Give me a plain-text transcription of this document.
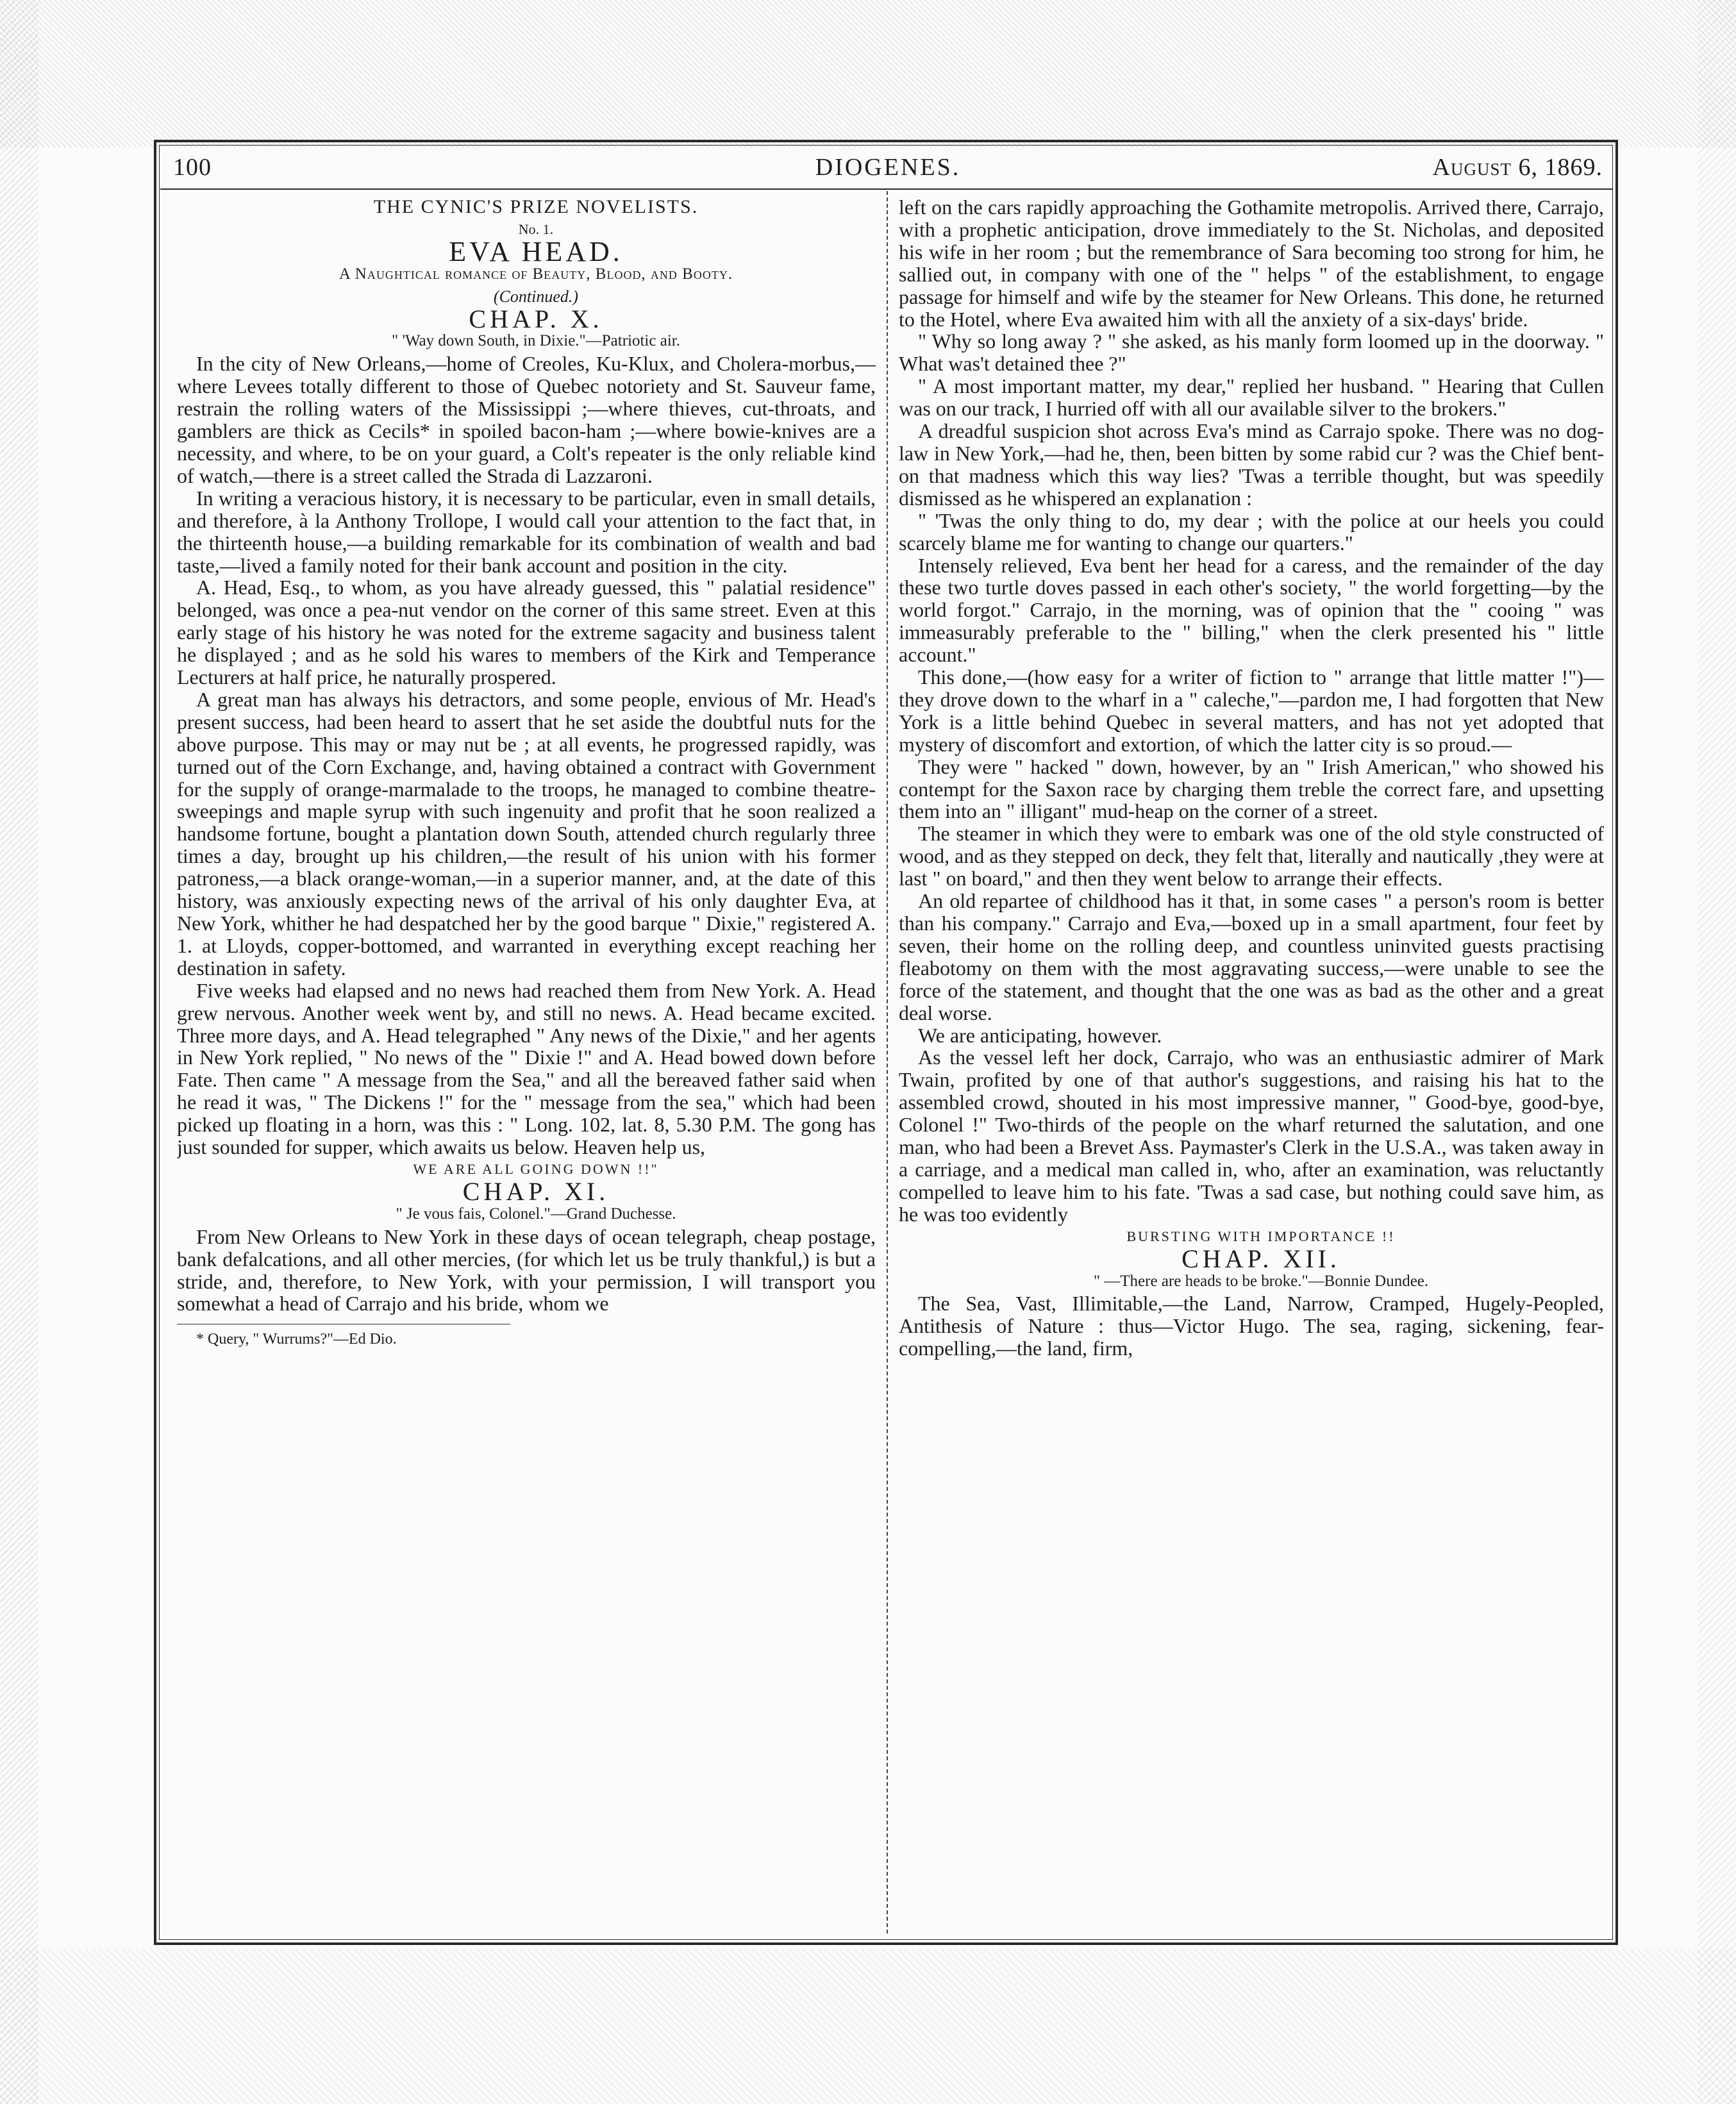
100	DIOGENES.	August 6, 1869.

THE CYNIC'S PRIZE NOVELISTS.

No. 1.

EVA HEAD.

A Naughtical romance of Beauty, Blood, and Booty.

(Continued.)

CHAP. X.

" 'Way down South, in Dixie."—Patriotic air.

In the city of New Orleans,—home of Creoles, Ku-Klux, and Cholera-morbus,—where Levees totally different to those of Quebec notoriety and St. Sauveur fame, restrain the rolling waters of the Mississippi ;—where thieves, cut-throats, and gamblers are thick as Cecils* in spoiled bacon-ham ;—where bowie-knives are a necessity, and where, to be on your guard, a Colt's repeater is the only reliable kind of watch,—there is a street called the Strada di Lazzaroni.

In writing a veracious history, it is necessary to be particular, even in small details, and therefore, à la Anthony Trollope, I would call your attention to the fact that, in the thirteenth house,—a building remarkable for its combination of wealth and bad taste,—lived a family noted for their bank account and position in the city.

A. Head, Esq., to whom, as you have already guessed, this " palatial residence" belonged, was once a pea-nut vendor on the corner of this same street. Even at this early stage of his history he was noted for the extreme sagacity and business talent he displayed ; and as he sold his wares to members of the Kirk and Temperance Lecturers at half price, he naturally prospered.

A great man has always his detractors, and some people, envious of Mr. Head's present success, had been heard to assert that he set aside the doubtful nuts for the above purpose. This may or may nut be ; at all events, he progressed rapidly, was turned out of the Corn Exchange, and, having obtained a contract with Government for the supply of orange-marmalade to the troops, he managed to combine theatre-sweepings and maple syrup with such ingenuity and profit that he soon realized a handsome fortune, bought a plantation down South, attended church regularly three times a day, brought up his children,—the result of his union with his former patroness,—a black orange-woman,—in a superior manner, and, at the date of this history, was anxiously expecting news of the arrival of his only daughter Eva, at New York, whither he had despatched her by the good barque " Dixie," registered A. 1. at Lloyds, copper-bottomed, and warranted in everything except reaching her destination in safety.

Five weeks had elapsed and no news had reached them from New York. A. Head grew nervous. Another week went by, and still no news. A. Head became excited. Three more days, and A. Head telegraphed " Any news of the Dixie," and her agents in New York replied, " No news of the " Dixie !" and A. Head bowed down before Fate. Then came " A message from the Sea," and all the bereaved father said when he read it was, " The Dickens !" for the " message from the sea," which had been picked up floating in a horn, was this : " Long. 102, lat. 8, 5.30 P.M. The gong has just sounded for supper, which awaits us below. Heaven help us,

WE ARE ALL GOING DOWN !!"

CHAP. XI.

" Je vous fais, Colonel."—Grand Duchesse.

From New Orleans to New York in these days of ocean telegraph, cheap postage, bank defalcations, and all other mercies, (for which let us be truly thankful,) is but a stride, and, therefore, to New York, with your permission, I will transport you somewhat a head of Carrajo and his bride, whom we

* Query, " Wurrums?"—Ed Dio.

left on the cars rapidly approaching the Gothamite metropolis. Arrived there, Carrajo, with a prophetic anticipation, drove immediately to the St. Nicholas, and deposited his wife in her room ; but the remembrance of Sara becoming too strong for him, he sallied out, in company with one of the " helps " of the establishment, to engage passage for himself and wife by the steamer for New Orleans. This done, he returned to the Hotel, where Eva awaited him with all the anxiety of a six-days' bride.

" Why so long away ? " she asked, as his manly form loomed up in the doorway. " What was't detained thee ?"

" A most important matter, my dear," replied her husband. " Hearing that Cullen was on our track, I hurried off with all our available silver to the brokers."

A dreadful suspicion shot across Eva's mind as Carrajo spoke. There was no dog-law in New York,—had he, then, been bitten by some rabid cur ? was the Chief bent-on that madness which this way lies? 'Twas a terrible thought, but was speedily dismissed as he whispered an explanation :

" 'Twas the only thing to do, my dear ; with the police at our heels you could scarcely blame me for wanting to change our quarters."

Intensely relieved, Eva bent her head for a caress, and the remainder of the day these two turtle doves passed in each other's society, " the world forgetting—by the world forgot." Carrajo, in the morning, was of opinion that the " cooing " was immeasurably preferable to the " billing," when the clerk presented his " little account."

This done,—(how easy for a writer of fiction to " arrange that little matter !")—they drove down to the wharf in a " caleche,"—pardon me, I had forgotten that New York is a little behind Quebec in several matters, and has not yet adopted that mystery of discomfort and extortion, of which the latter city is so proud.—

They were " hacked " down, however, by an " Irish American," who showed his contempt for the Saxon race by charging them treble the correct fare, and upsetting them into an " illigant" mud-heap on the corner of a street.

The steamer in which they were to embark was one of the old style constructed of wood, and as they stepped on deck, they felt that, literally and nautically ,they were at last " on board," and then they went below to arrange their effects.

An old repartee of childhood has it that, in some cases " a person's room is better than his company." Carrajo and Eva,—boxed up in a small apartment, four feet by seven, their home on the rolling deep, and countless uninvited guests practising fleabotomy on them with the most aggravating success,—were unable to see the force of the statement, and thought that the one was as bad as the other and a great deal worse.

We are anticipating, however.

As the vessel left her dock, Carrajo, who was an enthusiastic admirer of Mark Twain, profited by one of that author's suggestions, and raising his hat to the assembled crowd, shouted in his most impressive manner, " Good-bye, good-bye, Colonel !" Two-thirds of the people on the wharf returned the salutation, and one man, who had been a Brevet Ass. Paymaster's Clerk in the U.S.A., was taken away in a carriage, and a medical man called in, who, after an examination, was reluctantly compelled to leave him to his fate. 'Twas a sad case, but nothing could save him, as he was too evidently

BURSTING WITH IMPORTANCE !!

CHAP. XII.

" —There are heads to be broke."—Bonnie Dundee.

The Sea, Vast, Illimitable,—the Land, Narrow, Cramped, Hugely-Peopled, Antithesis of Nature : thus—Victor Hugo. The sea, raging, sickening, fear-compelling,—the land, firm,
